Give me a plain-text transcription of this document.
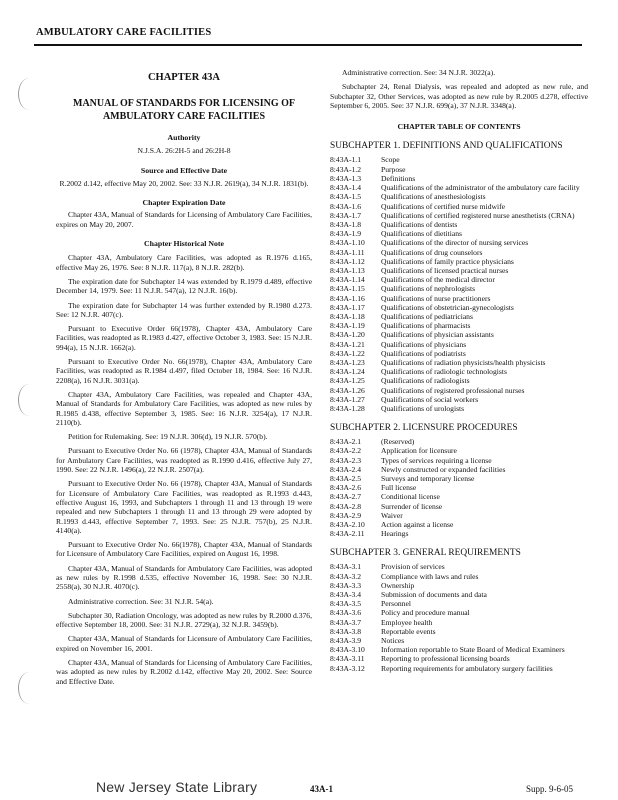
AMBULATORY CARE FACILITIES
CHAPTER 43A
MANUAL OF STANDARDS FOR LICENSING OF AMBULATORY CARE FACILITIES
Authority
N.J.S.A. 26:2H-5 and 26:2H-8
Source and Effective Date
R.2002 d.142, effective May 20, 2002. See: 33 N.J.R. 2619(a), 34 N.J.R. 1831(b).
Chapter Expiration Date
Chapter 43A, Manual of Standards for Licensing of Ambulatory Care Facilities, expires on May 20, 2007.
Chapter Historical Note
Chapter 43A, Ambulatory Care Facilities, was adopted as R.1976 d.165, effective May 26, 1976. See: 8 N.J.R. 117(a), 8 N.J.R. 282(b).
The expiration date for Subchapter 14 was extended by R.1979 d.489, effective December 14, 1979. See: 11 N.J.R. 547(a), 12 N.J.R. 16(b).
The expiration date for Subchapter 14 was further extended by R.1980 d.273. See: 12 N.J.R. 407(c).
Pursuant to Executive Order 66(1978), Chapter 43A, Ambulatory Care Facilities, was readopted as R.1983 d.427, effective October 3, 1983. See: 15 N.J.R. 994(a), 15 N.J.R. 1662(a).
Pursuant to Executive Order No. 66(1978), Chapter 43A, Ambulatory Care Facilities, was readopted as R.1984 d.497, filed October 18, 1984. See: 16 N.J.R. 2208(a), 16 N.J.R. 3031(a).
Chapter 43A, Ambulatory Care Facilities, was repealed and Chapter 43A, Manual of Standards for Ambulatory Care Facilities, was adopted as new rules by R.1985 d.438, effective September 3, 1985. See: 16 N.J.R. 3254(a), 17 N.J.R. 2110(b).
Petition for Rulemaking. See: 19 N.J.R. 306(d), 19 N.J.R. 570(b).
Pursuant to Executive Order No. 66 (1978), Chapter 43A, Manual of Standards for Ambulatory Care Facilities, was readopted as R.1990 d.416, effective July 27, 1990. See: 22 N.J.R. 1496(a), 22 N.J.R. 2507(a).
Pursuant to Executive Order No. 66 (1978), Chapter 43A, Manual of Standards for Licensure of Ambulatory Care Facilities, was readopted as R.1993 d.443, effective August 16, 1993, and Subchapters 1 through 11 and 13 through 19 were repealed and new Subchapters 1 through 11 and 13 through 29 were adopted by R.1993 d.443, effective September 7, 1993. See: 25 N.J.R. 757(b), 25 N.J.R. 4140(a).
Pursuant to Executive Order No. 66(1978), Chapter 43A, Manual of Standards for Licensure of Ambulatory Care Facilities, expired on August 16, 1998.
Chapter 43A, Manual of Standards for Ambulatory Care Facilities, was adopted as new rules by R.1998 d.535, effective November 16, 1998. See: 30 N.J.R. 2558(a), 30 N.J.R. 4070(c).
Administrative correction. See: 31 N.J.R. 54(a).
Subchapter 30, Radiation Oncology, was adopted as new rules by R.2000 d.376, effective September 18, 2000. See: 31 N.J.R. 2729(a), 32 N.J.R. 3459(b).
Chapter 43A, Manual of Standards for Licensure of Ambulatory Care Facilities, expired on November 16, 2001.
Chapter 43A, Manual of Standards for Licensing of Ambulatory Care Facilities, was adopted as new rules by R.2002 d.142, effective May 20, 2002. See: Source and Effective Date.
Administrative correction. See: 34 N.J.R. 3022(a).
Subchapter 24, Renal Dialysis, was repealed and adopted as new rule, and Subchapter 32, Other Services, was adopted as new rule by R.2005 d.278, effective September 6, 2005. See: 37 N.J.R. 699(a), 37 N.J.R. 3348(a).
CHAPTER TABLE OF CONTENTS
SUBCHAPTER 1. DEFINITIONS AND QUALIFICATIONS
8:43A-1.1	Scope
8:43A-1.2	Purpose
8:43A-1.3	Definitions
8:43A-1.4	Qualifications of the administrator of the ambulatory care facility
8:43A-1.5	Qualifications of anesthesiologists
8:43A-1.6	Qualifications of certified nurse midwife
8:43A-1.7	Qualifications of certified registered nurse anesthetists (CRNA)
8:43A-1.8	Qualifications of dentists
8:43A-1.9	Qualifications of dietitians
8:43A-1.10	Qualifications of the director of nursing services
8:43A-1.11	Qualifications of drug counselors
8:43A-1.12	Qualifications of family practice physicians
8:43A-1.13	Qualifications of licensed practical nurses
8:43A-1.14	Qualifications of the medical director
8:43A-1.15	Qualifications of nephrologists
8:43A-1.16	Qualifications of nurse practitioners
8:43A-1.17	Qualifications of obstetrician-gynecologists
8:43A-1.18	Qualifications of pediatricians
8:43A-1.19	Qualifications of pharmacists
8:43A-1.20	Qualifications of physician assistants
8:43A-1.21	Qualifications of physicians
8:43A-1.22	Qualifications of podiatrists
8:43A-1.23	Qualifications of radiation physicists/health physicists
8:43A-1.24	Qualifications of radiologic technologists
8:43A-1.25	Qualifications of radiologists
8:43A-1.26	Qualifications of registered professional nurses
8:43A-1.27	Qualifications of social workers
8:43A-1.28	Qualifications of urologists
SUBCHAPTER 2. LICENSURE PROCEDURES
8:43A-2.1	(Reserved)
8:43A-2.2	Application for licensure
8:43A-2.3	Types of services requiring a license
8:43A-2.4	Newly constructed or expanded facilities
8:43A-2.5	Surveys and temporary license
8:43A-2.6	Full license
8:43A-2.7	Conditional license
8:43A-2.8	Surrender of license
8:43A-2.9	Waiver
8:43A-2.10	Action against a license
8:43A-2.11	Hearings
SUBCHAPTER 3. GENERAL REQUIREMENTS
8:43A-3.1	Provision of services
8:43A-3.2	Compliance with laws and rules
8:43A-3.3	Ownership
8:43A-3.4	Submission of documents and data
8:43A-3.5	Personnel
8:43A-3.6	Policy and procedure manual
8:43A-3.7	Employee health
8:43A-3.8	Reportable events
8:43A-3.9	Notices
8:43A-3.10	Information reportable to State Board of Medical Examiners
8:43A-3.11	Reporting to professional licensing boards
8:43A-3.12	Reporting requirements for ambulatory surgery facilities
New Jersey State Library	43A-1	Supp. 9-6-05
